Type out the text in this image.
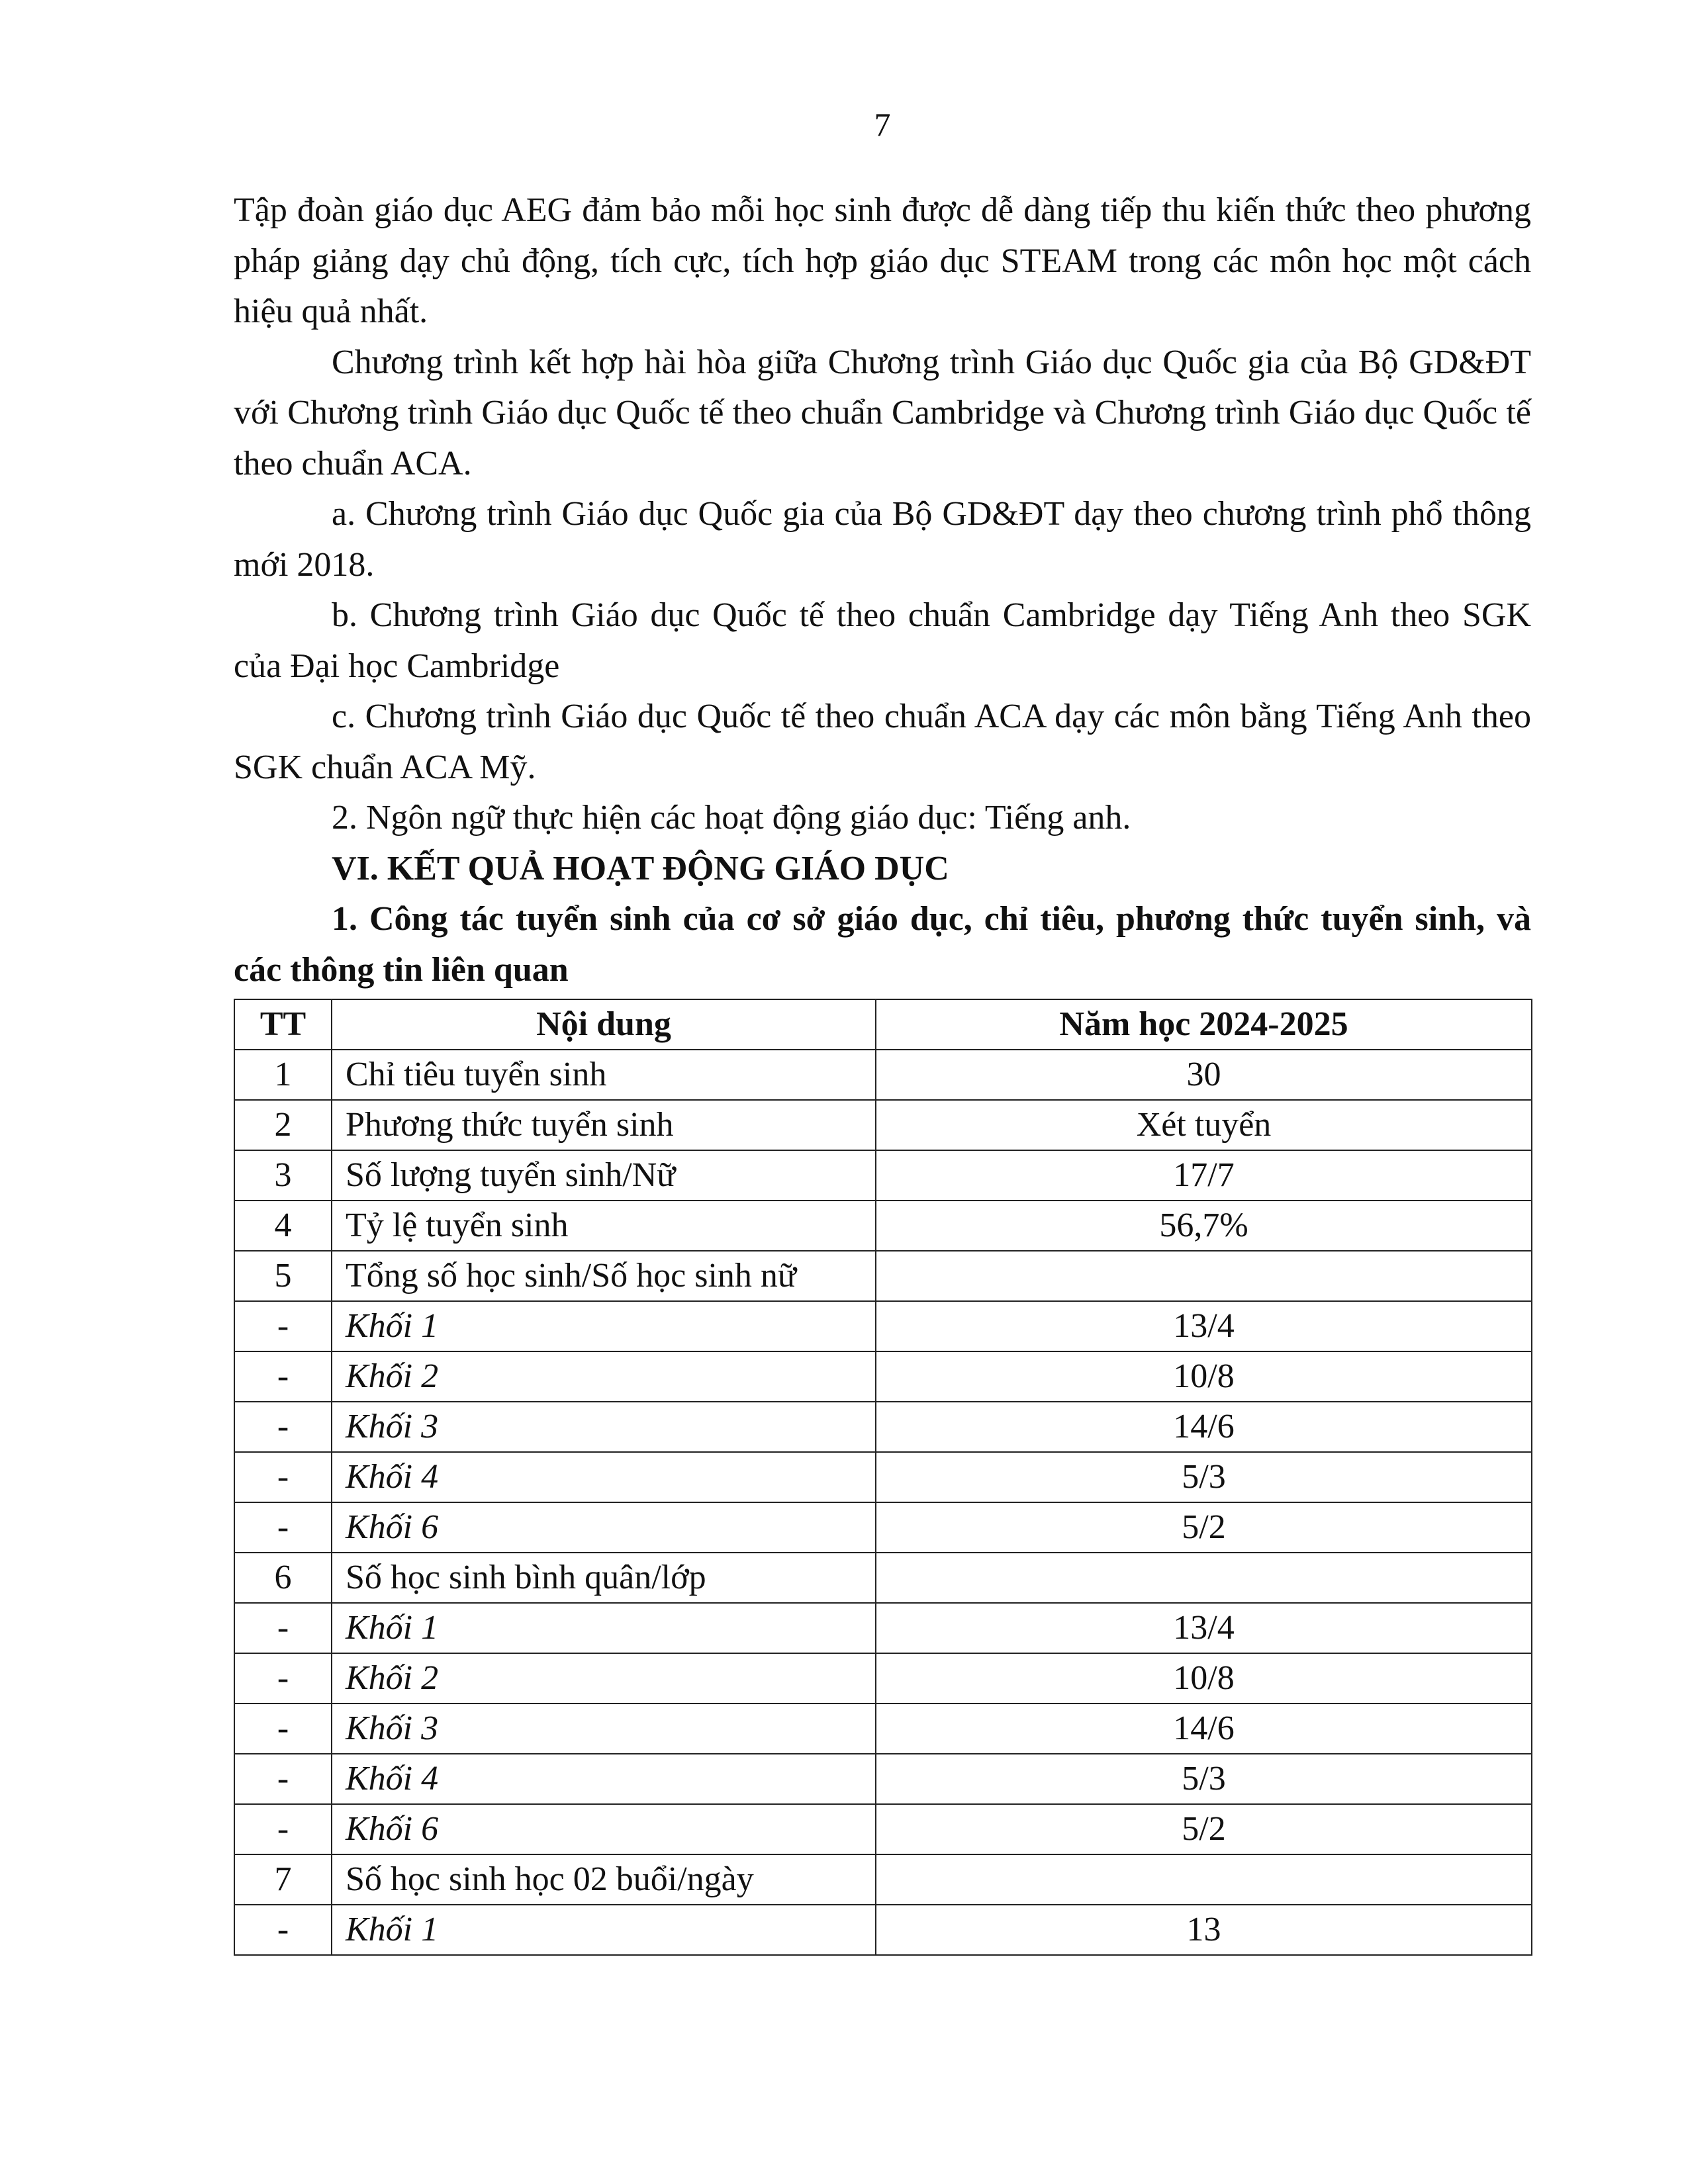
7

Tập đoàn giáo dục AEG đảm bảo mỗi học sinh được dễ dàng tiếp thu kiến thức theo phương pháp giảng dạy chủ động, tích cực, tích hợp giáo dục STEAM trong các môn học một cách hiệu quả nhất.

Chương trình kết hợp hài hòa giữa Chương trình Giáo dục Quốc gia của Bộ GD&ĐT với Chương trình Giáo dục Quốc tế theo chuẩn Cambridge và Chương trình Giáo dục Quốc tế theo chuẩn ACA.

a. Chương trình Giáo dục Quốc gia của Bộ GD&ĐT dạy theo chương trình phổ thông mới 2018.

b. Chương trình Giáo dục Quốc tế theo chuẩn Cambridge dạy Tiếng Anh theo SGK của Đại học Cambridge

c. Chương trình Giáo dục Quốc tế theo chuẩn ACA dạy các môn bằng Tiếng Anh theo SGK chuẩn ACA Mỹ.

2. Ngôn ngữ thực hiện các hoạt động giáo dục: Tiếng anh.

VI. KẾT QUẢ HOẠT ĐỘNG GIÁO DỤC

1. Công tác tuyển sinh của cơ sở giáo dục, chỉ tiêu, phương thức tuyển sinh, và các thông tin liên quan

TT	Nội dung	Năm học 2024-2025
1	Chỉ tiêu tuyển sinh	30
2	Phương thức tuyển sinh	Xét tuyển
3	Số lượng tuyển sinh/Nữ	17/7
4	Tỷ lệ tuyển sinh	56,7%
5	Tổng số học sinh/Số học sinh nữ	
-	Khối 1	13/4
-	Khối 2	10/8
-	Khối 3	14/6
-	Khối 4	5/3
-	Khối 6	5/2
6	Số học sinh bình quân/lớp	
-	Khối 1	13/4
-	Khối 2	10/8
-	Khối 3	14/6
-	Khối 4	5/3
-	Khối 6	5/2
7	Số học sinh học 02 buổi/ngày	
-	Khối 1	13
